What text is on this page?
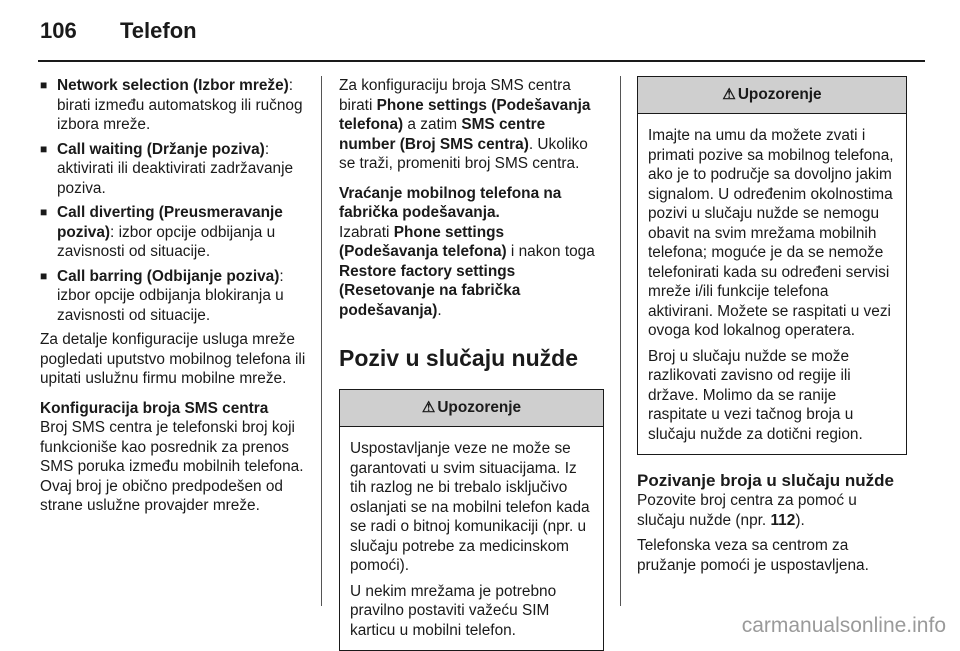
106 Telefon
■ Network selection (Izbor mreže): birati između automatskog ili ručnog izbora mreže.
■ Call waiting (Držanje poziva): aktivirati ili deaktivirati zadržavanje poziva.
■ Call diverting (Preusmeravanje poziva): izbor opcije odbijanja u zavisnosti od situacije.
■ Call barring (Odbijanje poziva): izbor opcije odbijanja blokiranja u zavisnosti od situacije.

Za detalje konfiguracije usluga mreže pogledati uputstvo mobilnog telefona ili upitati uslužnu firmu mobilne mreže.

Konfiguracija broja SMS centra

Broj SMS centra je telefonski broj koji funkcioniše kao posrednik za prenos SMS poruka između mobilnih telefona. Ovaj broj je obično predpodešen od strane uslužne provajder mreže.

Za konfiguraciju broja SMS centra birati Phone settings (Podešavanja telefona) a zatim SMS centre number (Broj SMS centra). Ukoliko se traži, promeniti broj SMS centra.

Vraćanje mobilnog telefona na fabrička podešavanja.

Izabrati Phone settings (Podešavanja telefona) i nakon toga Restore factory settings (Resetovanje na fabrička podešavanja).

Poziv u slučaju nužde
⚠ Upozorenje

Uspostavljanje veze ne može se garantovati u svim situacijama. Iz tih razlog ne bi trebalo isključivo oslanjati se na mobilni telefon kada se radi o bitnoj komunikaciji (npr. u slučaju potrebe za medicinskom pomoći).

U nekim mrežama je potrebno pravilno postaviti važeću SIM karticu u mobilni telefon.

⚠ Upozorenje

Imajte na umu da možete zvati i primati pozive sa mobilnog telefona, ako je to područje sa dovoljno jakim signalom. U određenim okolnostima pozivi u slučaju nužde se nemogu obavit na svim mrežama mobilnih telefona; moguće je da se nemože telefonirati kada su određeni servisi mreže i/ili funkcije telefona aktivirani. Možete se raspitati u vezi ovoga kod lokalnog operatera.

Broj u slučaju nužde se može razlikovati zavisno od regije ili države. Molimo da se ranije raspitate u vezi tačnog broja u slučaju nužde za dotični region.

Pozivanje broja u slučaju nužde

Pozovite broj centra za pomoć u slučaju nužde (npr. 112).

Telefonska veza sa centrom za pružanje pomoći je uspostavljena.

carmanualsonline.info
